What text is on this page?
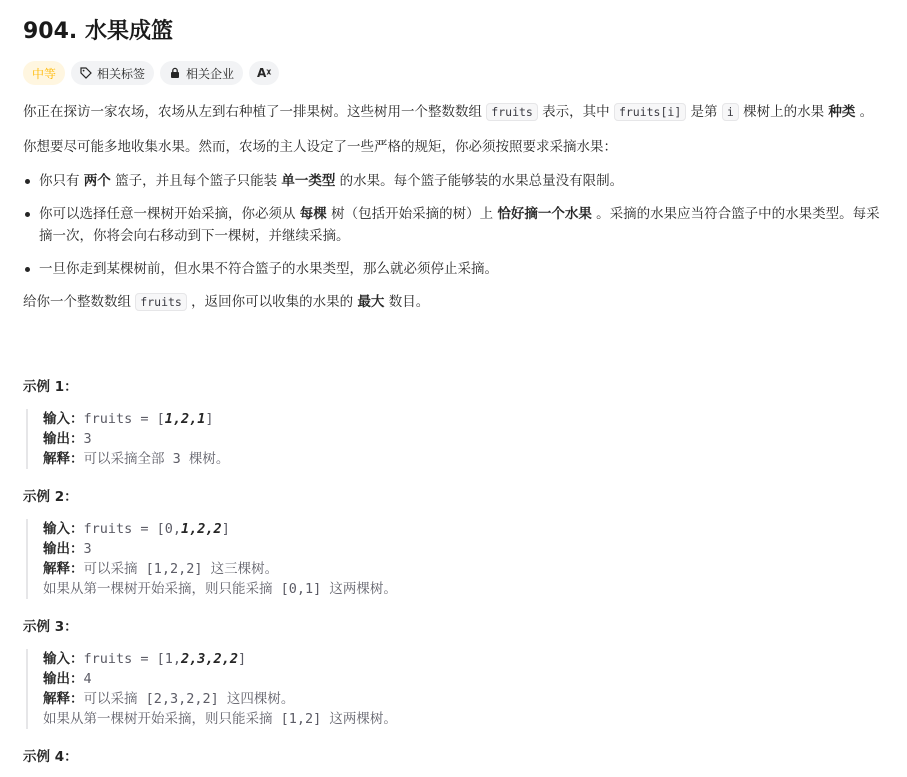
904. 水果成篮
中等	相关标签	相关企业 Aᵡ

你正在探访一家农场，农场从左到右种植了一排果树。这些树用一个整数数组 fruits 表示，其中 fruits[i] 是第 i 棵树上的水果 种类 。

你想要尽可能多地收集水果。然而，农场的主人设定了一些严格的规矩，你必须按照要求采摘水果：

你只有 两个 篮子，并且每个篮子只能装 单一类型 的水果。每个篮子能够装的水果总量没有限制。
你可以选择任意一棵树开始采摘，你必须从 每棵 树（包括开始采摘的树）上 恰好摘一个水果 。采摘的水果应当符合篮子中的水果类型。每采摘一次，你将会向右移动到下一棵树，并继续采摘。
一旦你走到某棵树前，但水果不符合篮子的水果类型，那么就必须停止采摘。

给你一个整数数组 fruits ，返回你可以收集的水果的 最大 数目。

示例 1：
输入：fruits = [1,2,1]
输出：3
解释：可以采摘全部 3 棵树。
示例 2：
输入：fruits = [0,1,2,2]
输出：3
解释：可以采摘 [1,2,2] 这三棵树。
如果从第一棵树开始采摘，则只能采摘 [0,1] 这两棵树。
示例 3：
输入：fruits = [1,2,3,2,2]
输出：4
解释：可以采摘 [2,3,2,2] 这四棵树。
如果从第一棵树开始采摘，则只能采摘 [1,2] 这两棵树。
示例 4：
